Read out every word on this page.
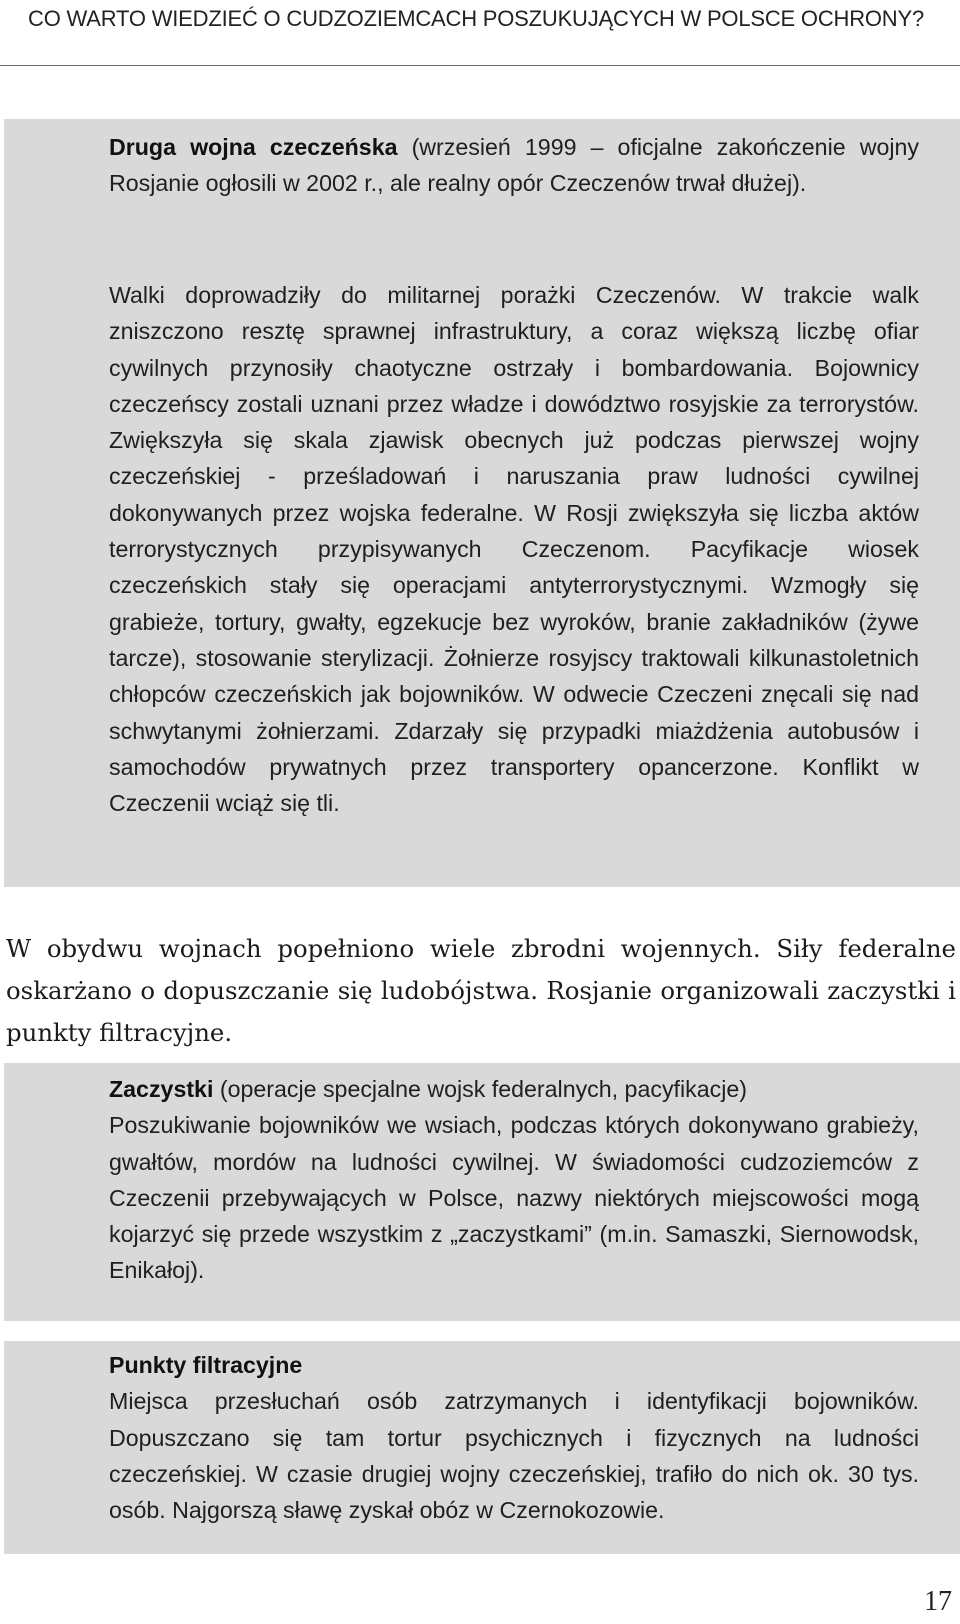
CO WARTO WIEDZIEĆ O CUDZOZIEMCACH POSZUKUJĄCYCH W POLSCE OCHRONY?
Druga wojna czeczeńska (wrzesień 1999 – oficjalne zakończenie wojny Rosjanie ogłosili w 2002 r., ale realny opór Czeczenów trwał dłużej).
Walki doprowadziły do militarnej porażki Czeczenów. W trakcie walk zniszczono resztę sprawnej infrastruktury, a coraz większą liczbę ofiar cywilnych przynosiły chaotyczne ostrzały i bombardowania. Bojownicy czeczeńscy zostali uznani przez władze i dowództwo rosyjskie za terrorystów. Zwiększyła się skala zjawisk obecnych już podczas pierwszej wojny czeczeńskiej - prześladowań i naruszania praw ludności cywilnej dokonywanych przez wojska federalne. W Rosji zwiększyła się liczba aktów terrorystycznych przypisywanych Czeczenom. Pacyfikacje wiosek czeczeńskich stały się operacjami antyterrorystycznymi. Wzmogły się grabieże, tortury, gwałty, egzekucje bez wyroków, branie zakładników (żywe tarcze), stosowanie sterylizacji. Żołnierze rosyjscy traktowali kilkunastoletnich chłopców czeczeńskich jak bojowników. W odwecie Czeczeni znęcali się nad schwytanymi żołnierzami. Zdarzały się przypadki miażdżenia autobusów i samochodów prywatnych przez transportery opancerzone. Konflikt w Czeczenii wciąż się tli.

W obydwu wojnach popełniono wiele zbrodni wojennych. Siły federalne oskarżano o dopuszczanie się ludobójstwa. Rosjanie organizowali zaczystki i punkty filtracyjne.

Zaczystki (operacje specjalne wojsk federalnych, pacyfikacje)
Poszukiwanie bojowników we wsiach, podczas których dokonywano grabieży, gwałtów, mordów na ludności cywilnej. W świadomości cudzoziemców z Czeczenii przebywających w Polsce, nazwy niektórych miejscowości mogą kojarzyć się przede wszystkim z „zaczystkami” (m.in. Samaszki, Siernowodsk, Enikałoj).
Punkty filtracyjne
Miejsca przesłuchań osób zatrzymanych i identyfikacji bojowników. Dopuszczano się tam tortur psychicznych i fizycznych na ludności czeczeńskiej. W czasie drugiej wojny czeczeńskiej, trafiło do nich ok. 30 tys. osób. Najgorszą sławę zyskał obóz w Czernokozowie.
17
